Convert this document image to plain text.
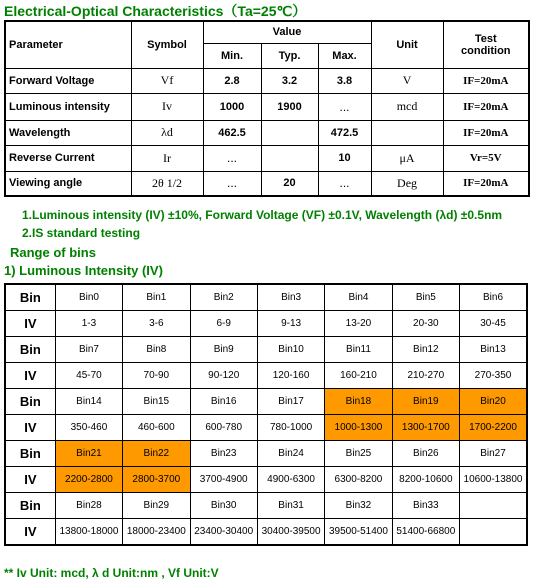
Electrical-Optical Characteristics（Ta=25℃）
Parameter	Symbol	Value			Unit	Test
condition

		Min.	Typ.	Max.		
Forward Voltage	Vf	2.8	3.2	3.8	V	IF=20mA
Luminous intensity	Iv	1000	1900	...	mcd	IF=20mA
Wavelength	λd	462.5		472.5		IF=20mA
Reverse Current	Ir	...		10	μA	Vr=5V
Viewing angle	2θ 1/2	...	20	...	Deg	IF=20mA
1.Luminous intensity (IV) ±10%, Forward Voltage (VF) ±0.1V, Wavelength (λd) ±0.5nm
2.IS standard testing
Range of bins
1) Luminous Intensity (IV)
Bin	Bin0	Bin1	Bin2	Bin3	Bin4	Bin5	Bin6
IV	1-3	3-6	6-9	9-13	13-20	20-30	30-45
Bin	Bin7	Bin8	Bin9	Bin10	Bin11	Bin12	Bin13
IV	45-70	70-90	90-120	120-160	160-210	210-270	270-350
Bin	Bin14	Bin15	Bin16	Bin17	Bin18	Bin19	Bin20
IV	350-460	460-600	600-780	780-1000	1000-1300	1300-1700	1700-2200
Bin	Bin21	Bin22	Bin23	Bin24	Bin25	Bin26	Bin27
IV	2200-2800	2800-3700	3700-4900	4900-6300	6300-8200	8200-10600	10600-13800
Bin	Bin28	Bin29	Bin30	Bin31	Bin32	Bin33	
IV	13800-18000	18000-23400	23400-30400	30400-39500	39500-51400	51400-66800	
** Iv Unit: mcd, λ d Unit:nm , Vf Unit:V
